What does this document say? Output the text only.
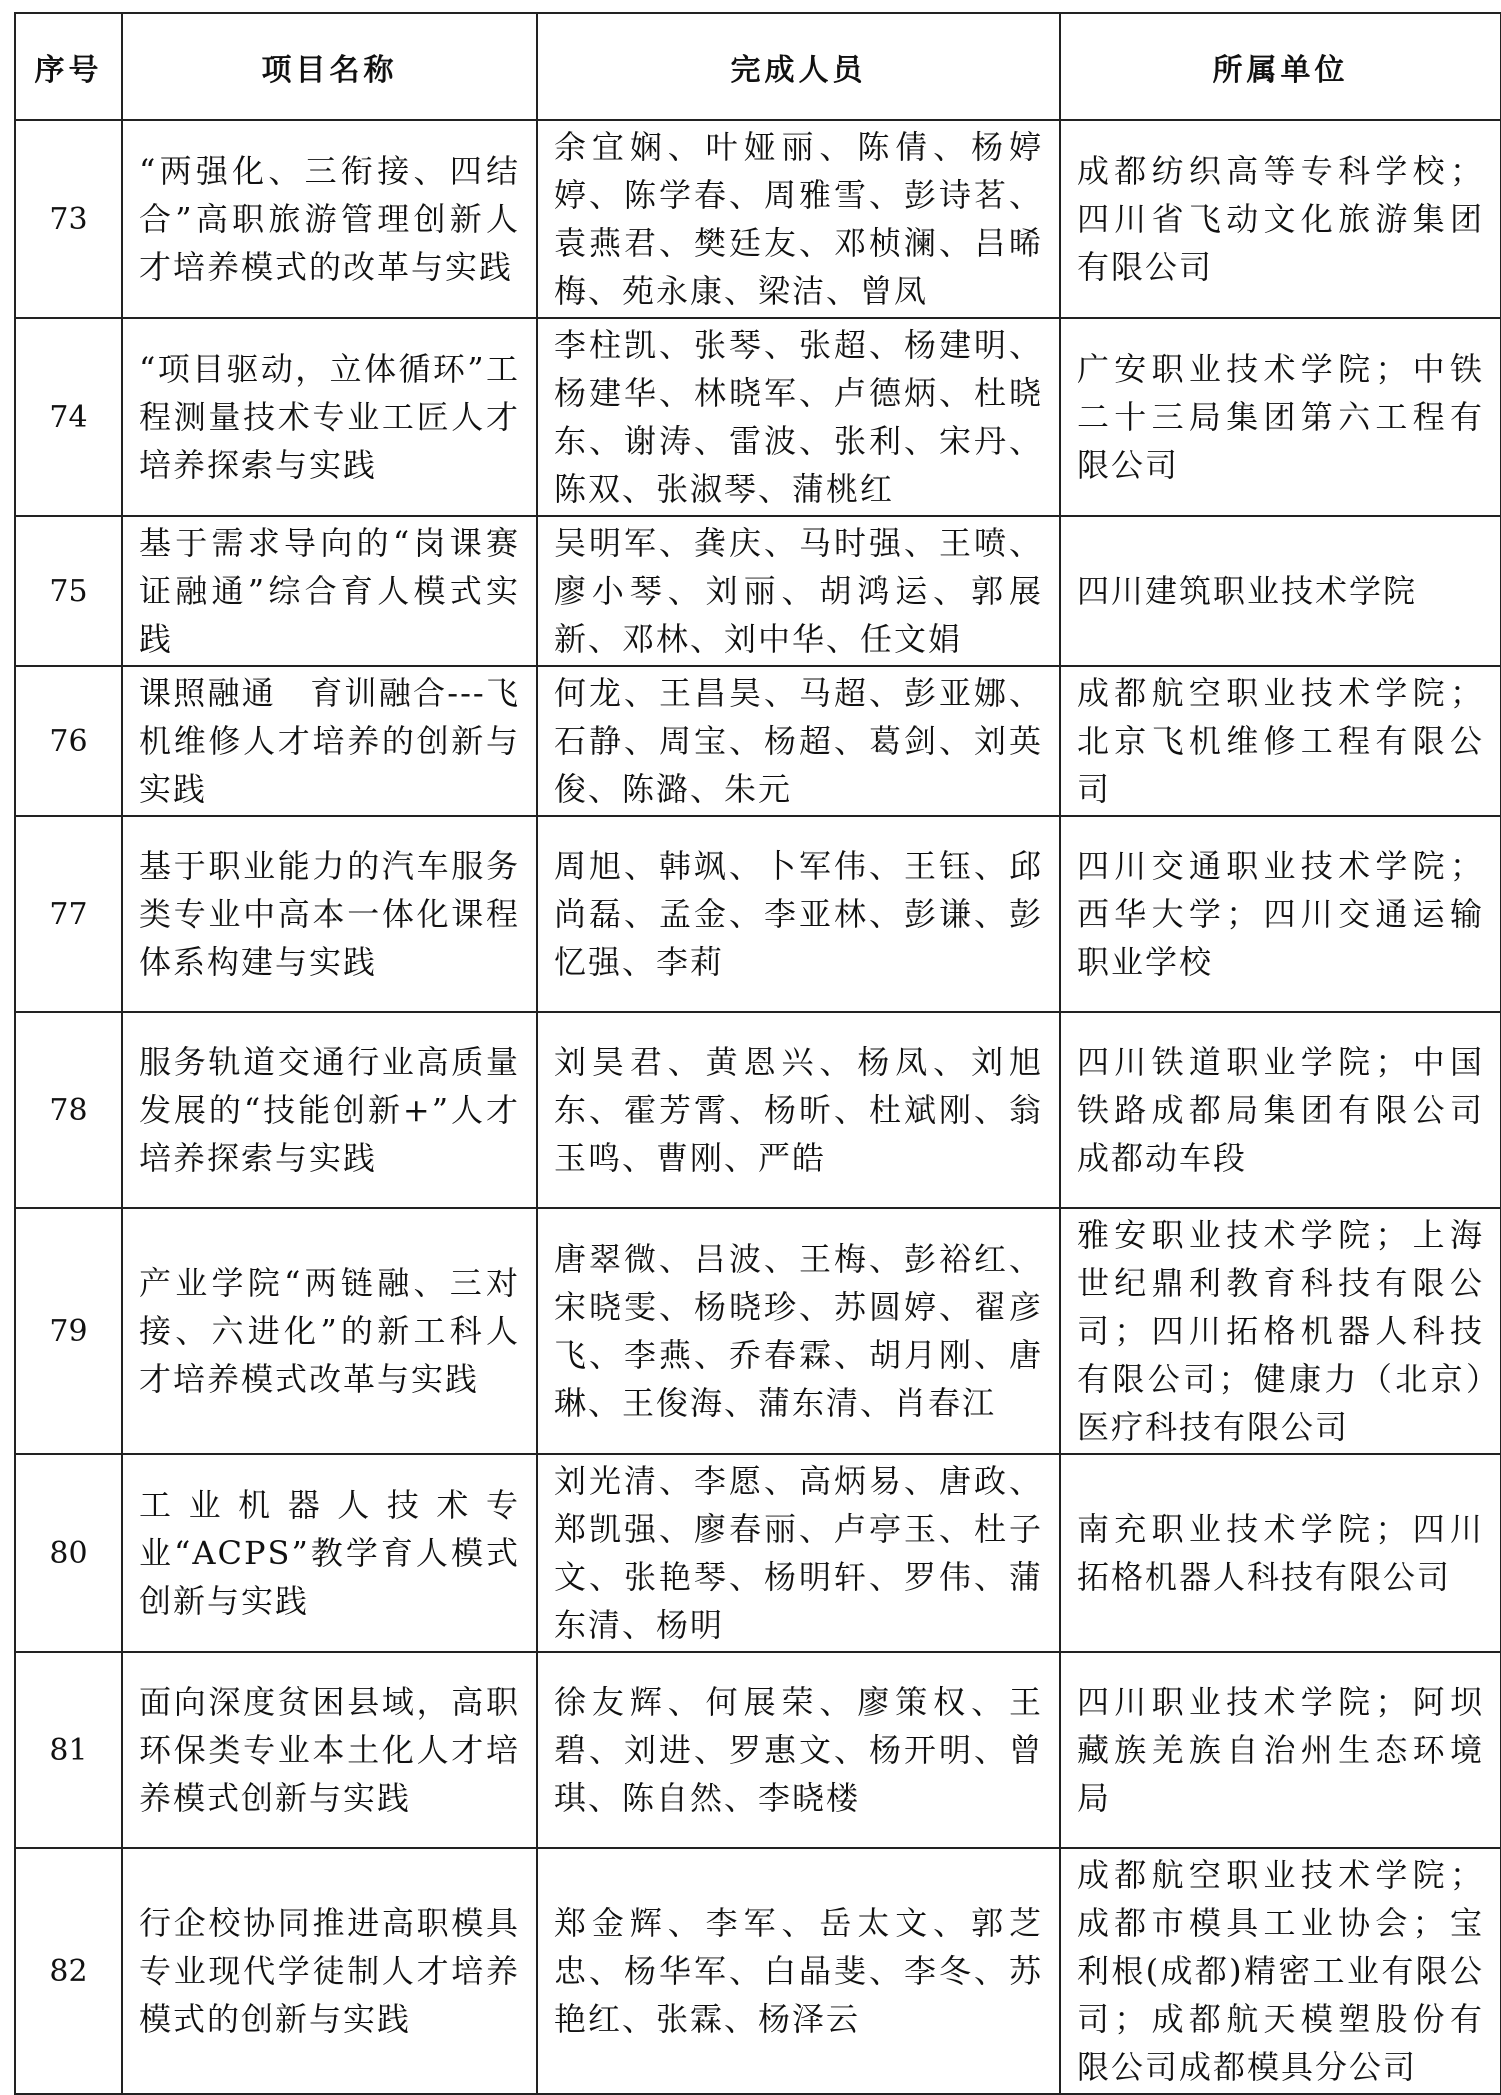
序号	项目名称	完成人员	所属单位
73	“两强化、三衔接、四结合”高职旅游管理创新人才培养模式的改革与实践	余宜娴、叶娅丽、陈倩、杨婷婷、陈学春、周雅雪、彭诗茗、袁燕君、樊廷友、邓桢澜、吕晞梅、苑永康、梁洁、曾凤	成都纺织高等专科学校；四川省飞动文化旅游集团有限公司
74	“项目驱动，立体循环”工程测量技术专业工匠人才培养探索与实践	李柱凯、张琴、张超、杨建明、杨建华、林晓军、卢德炳、杜晓东、谢涛、雷波、张利、宋丹、陈双、张淑琴、蒲桃红	广安职业技术学院；中铁二十三局集团第六工程有限公司
75	基于需求导向的“岗课赛证融通”综合育人模式实践	吴明军、龚庆、马时强、王喷、廖小琴、刘丽、胡鸿运、郭展新、邓林、刘中华、任文娟	四川建筑职业技术学院
76	课照融通　育训融合---飞机维修人才培养的创新与实践	何龙、王昌昊、马超、彭亚娜、石静、周宝、杨超、葛剑、刘英俊、陈潞、朱元	成都航空职业技术学院；北京飞机维修工程有限公司
77	基于职业能力的汽车服务类专业中高本一体化课程体系构建与实践	周旭、韩飒、卜军伟、王钰、邱尚磊、孟金、李亚林、彭谦、彭忆强、李莉	四川交通职业技术学院；西华大学；四川交通运输职业学校
78	服务轨道交通行业高质量发展的“技能创新+”人才培养探索与实践	刘昊君、黄恩兴、杨凤、刘旭东、霍芳霄、杨昕、杜斌刚、翁玉鸣、曹刚、严皓	四川铁道职业学院；中国铁路成都局集团有限公司成都动车段
79	产业学院“两链融、三对接、六进化”的新工科人才培养模式改革与实践	唐翠微、吕波、王梅、彭裕红、宋晓雯、杨晓珍、苏圆婷、翟彦飞、李燕、乔春霖、胡月刚、唐琳、王俊海、蒲东清、肖春江	雅安职业技术学院；上海世纪鼎利教育科技有限公司；四川拓格机器人科技有限公司；健康力（北京）医疗科技有限公司
80	工业机器人技术专业“ACPS”教学育人模式创新与实践	刘光清、李愿、高炳易、唐政、郑凯强、廖春丽、卢亭玉、杜子文、张艳琴、杨明轩、罗伟、蒲东清、杨明	南充职业技术学院；四川拓格机器人科技有限公司
81	面向深度贫困县域，高职环保类专业本土化人才培养模式创新与实践	徐友辉、何展荣、廖策权、王碧、刘进、罗惠文、杨开明、曾琪、陈自然、李晓楼	四川职业技术学院；阿坝藏族羌族自治州生态环境局
82	行企校协同推进高职模具专业现代学徒制人才培养模式的创新与实践	郑金辉、李军、岳太文、郭芝忠、杨华军、白晶斐、李冬、苏艳红、张霖、杨泽云	成都航空职业技术学院；成都市模具工业协会；宝利根(成都)精密工业有限公司；成都航天模塑股份有限公司成都模具分公司
